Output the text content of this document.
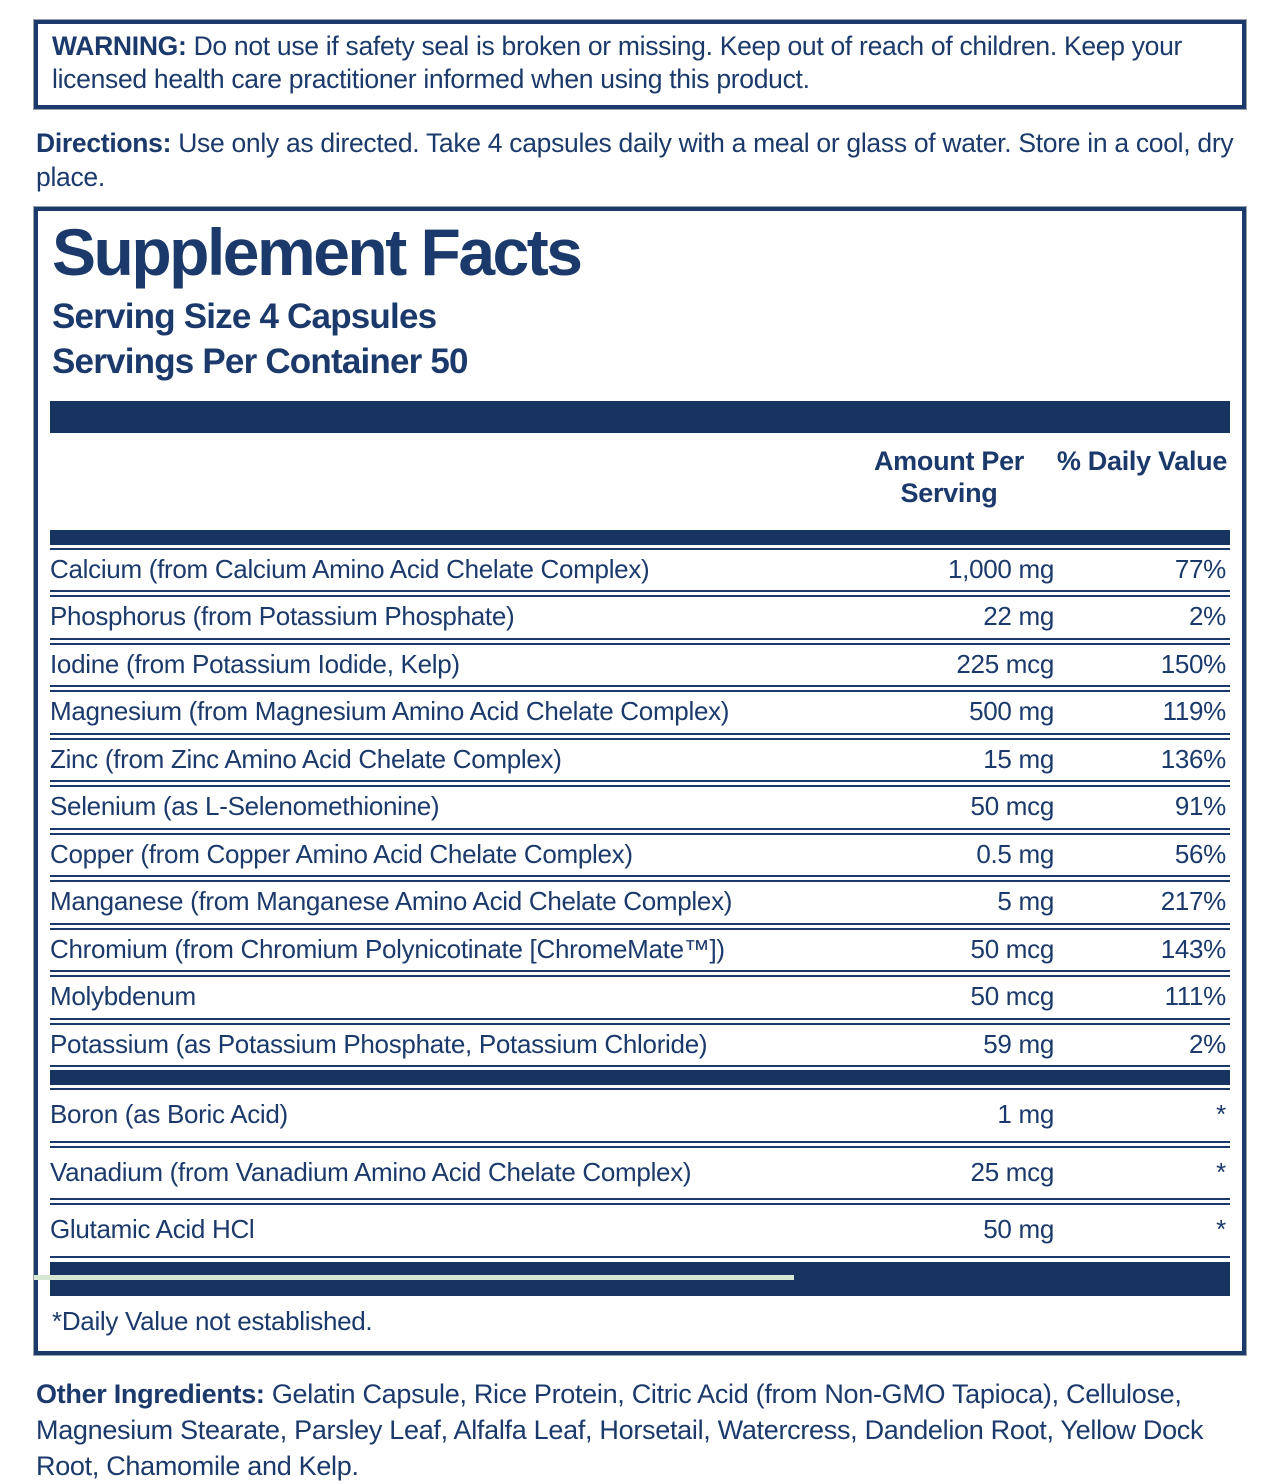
WARNING: Do not use if safety seal is broken or missing. Keep out of reach of children. Keep your licensed health care practitioner informed when using this product.
Directions: Use only as directed. Take 4 capsules daily with a meal or glass of water. Store in a cool, dry place.
Supplement Facts
Serving Size 4 Capsules
Servings Per Container 50
Amount Per Serving
% Daily Value
Calcium (from Calcium Amino Acid Chelate Complex)	1,000 mg	77%
Phosphorus (from Potassium Phosphate)	22 mg	2%
Iodine (from Potassium Iodide, Kelp)	225 mcg	150%
Magnesium (from Magnesium Amino Acid Chelate Complex)	500 mg	119%
Zinc (from Zinc Amino Acid Chelate Complex)	15 mg	136%
Selenium (as L-Selenomethionine)	50 mcg	91%
Copper (from Copper Amino Acid Chelate Complex)	0.5 mg	56%
Manganese (from Manganese Amino Acid Chelate Complex)	5 mg	217%
Chromium (from Chromium Polynicotinate [ChromeMate™])	50 mcg	143%
Molybdenum	50 mcg	111%
Potassium (as Potassium Phosphate, Potassium Chloride)	59 mg	2%
Boron (as Boric Acid)	1 mg	*
Vanadium (from Vanadium Amino Acid Chelate Complex)	25 mcg	*
Glutamic Acid HCl	50 mg	*
*Daily Value not established.
Other Ingredients: Gelatin Capsule, Rice Protein, Citric Acid (from Non-GMO Tapioca), Cellulose, Magnesium Stearate, Parsley Leaf, Alfalfa Leaf, Horsetail, Watercress, Dandelion Root, Yellow Dock Root, Chamomile and Kelp.
